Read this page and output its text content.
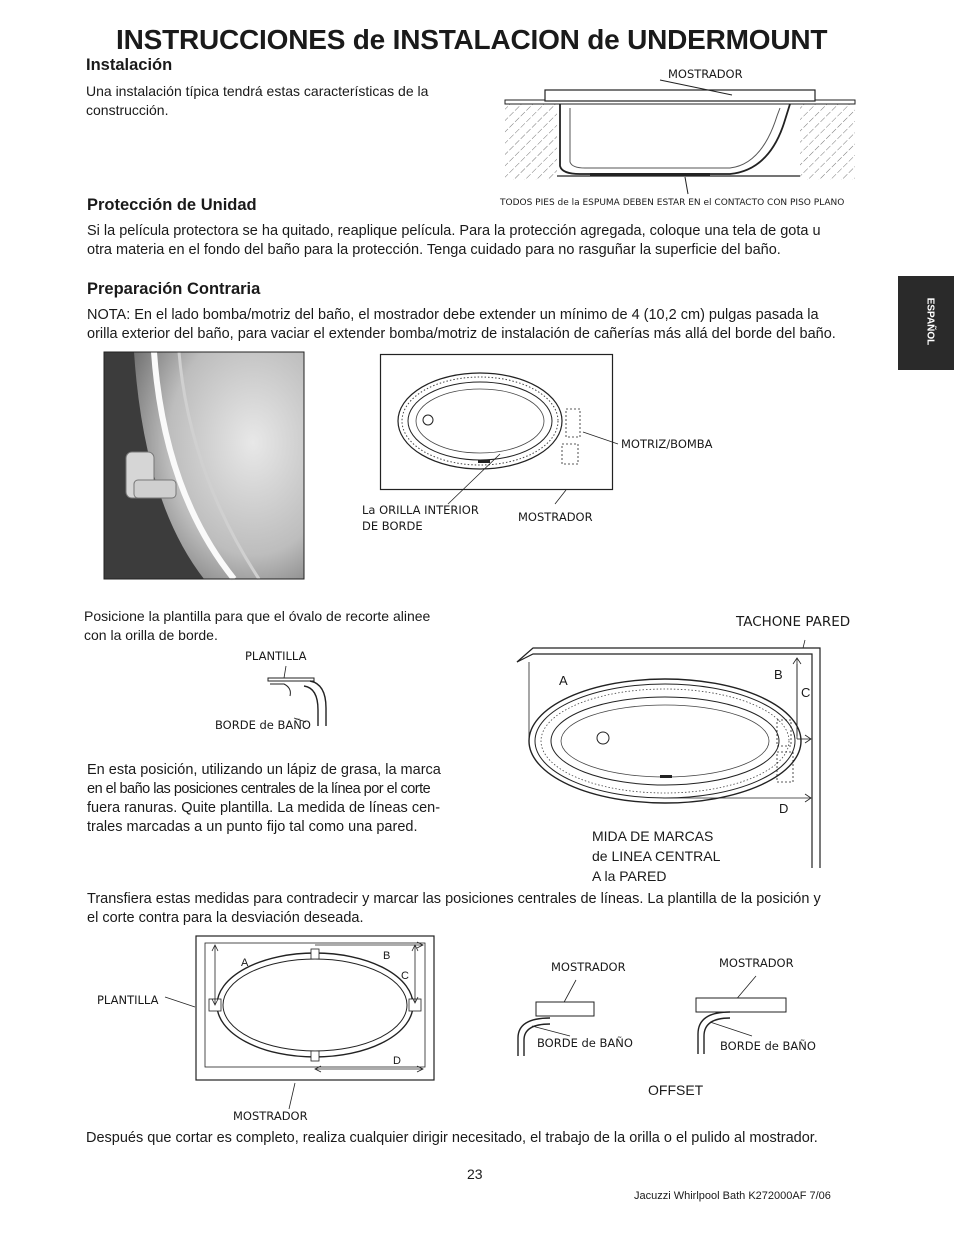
INSTRUCCIONES de INSTALACION de UNDERMOUNT
ESPAÑOL
Instalación
Una instalación típica tendrá estas características de la
construcción.
MOSTRADOR
TODOS PIES de la ESPUMA DEBEN ESTAR EN el CONTACTO CON PISO PLANO
Protección de Unidad
Si la película protectora se ha quitado, reaplique película. Para la protección agregada, coloque una tela de gota u
otra materia en el fondo del baño para la protección. Tenga cuidado para no rasguñar la superficie del baño.
Preparación Contraria
NOTA: En el lado bomba/motriz del baño, el mostrador debe extender un mínimo de 4 (10,2 cm) pulgas pasada la
orilla exterior del baño, para vaciar el extender bomba/motriz de instalación de cañerías más allá del borde del baño.
MOTRIZ/BOMBA
La ORILLA INTERIOR
DE BORDE
MOSTRADOR
Posicione la plantilla para que el óvalo de recorte alinee
con la orilla de borde.
PLANTILLA
BORDE de BAÑO
En esta posición, utilizando un lápiz de grasa, la marca
en el baño las posiciones centrales de la línea por el corte
fuera ranuras. Quite plantilla. La medida de líneas cen-
trales marcadas a un punto fijo tal como una pared.
TACHONE PARED
A	B
C
D
MIDA DE MARCAS
de LINEA CENTRAL
A la PARED
Transfiera estas medidas para contradecir y marcar las posiciones centrales de líneas. La plantilla de la posición y
el corte contra para la desviación deseada.
A
B
C
D
PLANTILLA
MOSTRADOR
MOSTRADOR
BORDE de BAÑO
MOSTRADOR
BORDE de BAÑO
OFFSET
Después que cortar es completo, realiza cualquier dirigir necesitado, el trabajo de la orilla o el pulido al mostrador.
23
Jacuzzi Whirlpool Bath K272000AF 7/06
